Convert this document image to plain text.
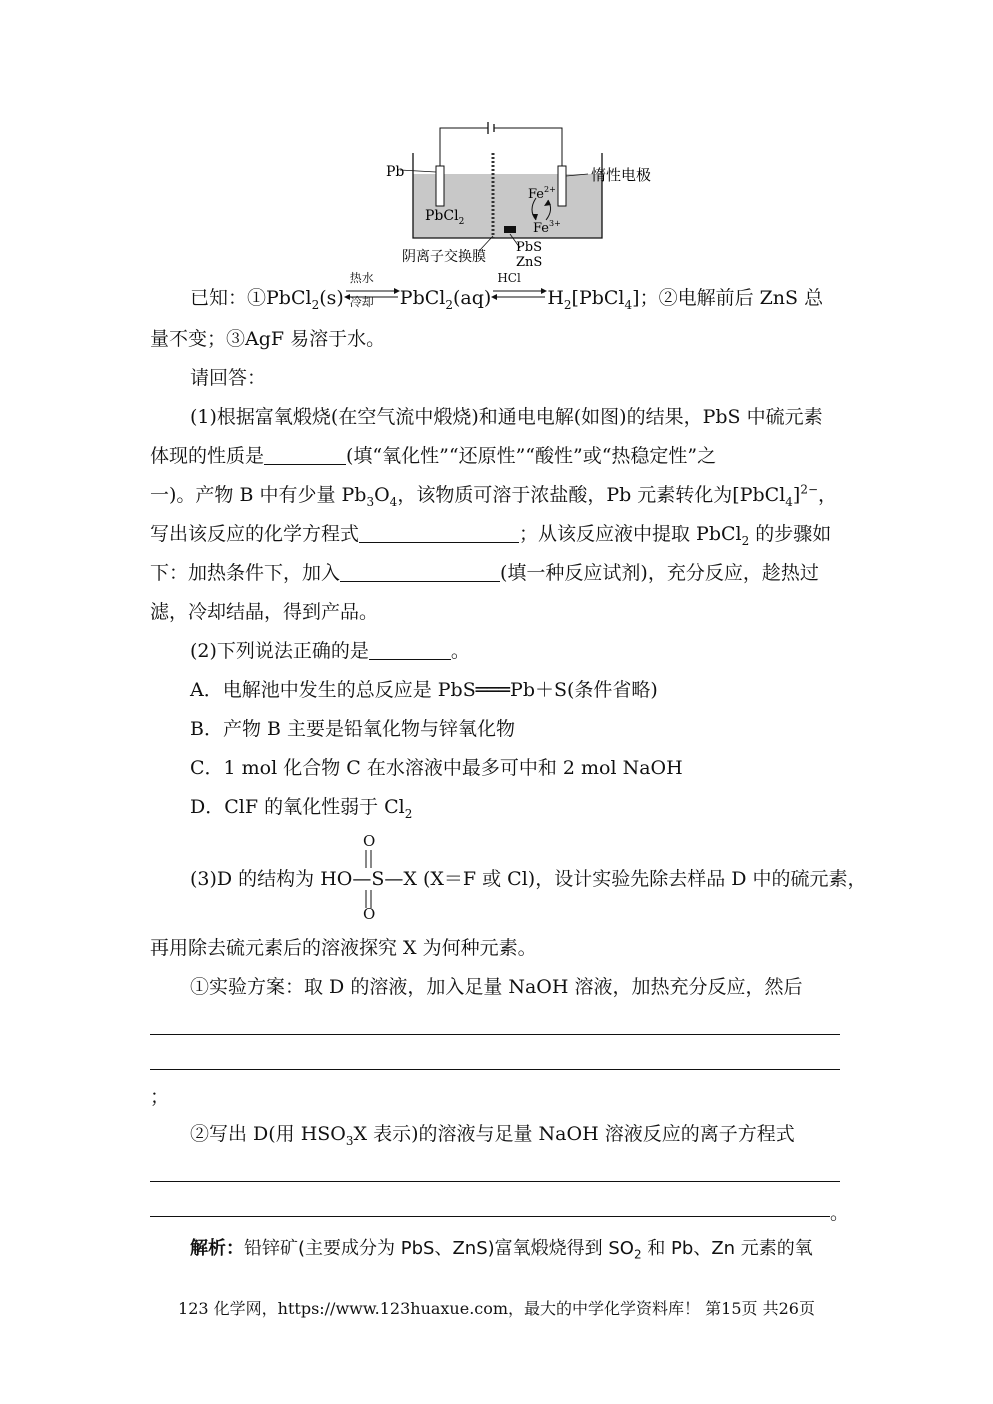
Pb	惰性电极
PbCl$_2$
$Fe^{2+}$
$Fe^{3+}$
阴离子交换膜
PbS
ZnS
已知：①PbCl$_2$(s)
热水
冷却 PbCl$_2$(aq)
HCl
$H_2[PbCl_4]$；②电解前后 ZnS 总
量不变；③AgF 易溶于水。
请回答：
(1)根据富氧煅烧(在空气流中煅烧)和通电电解(如图)的结果，PbS 中硫元素
体现的性质是	(填“氧化性”“还原性”“酸性”或“热稳定性”之
一)。产物 B 中有少量 $Pb_3O_4$，该物质可溶于浓盐酸，Pb 元素转化为[PbCl$_4$]$^{2-}$，
写出该反应的化学方程式	；从该反应液中提取 PbCl$_2$ 的步骤如
下：加热条件下，加入	(填一种反应试剂)，充分反应，趁热过
滤，冷却结晶，得到产品。
(2)下列说法正确的是	。
A．电解池中发生的总反应是 PbS═══Pb＋S(条件省略)
B．产物 B 主要是铅氧化物与锌氧化物
C．1 mol 化合物 C 在水溶液中最多可中和 2 mol NaOH
D．ClF 的氧化性弱于 $Cl_2$
O
O
(3)D 的结构为 HO—S—X (X＝F 或 Cl)，设计实验先除去样品 D 中的硫元素，
再用除去硫元素后的溶液探究 X 为何种元素。
①实验方案：取 D 的溶液，加入足量 NaOH 溶液，加热充分反应，然后
；
②写出 D(用 $HSO_3X$ 表示)的溶液与足量 NaOH 溶液反应的离子方程式
。
解析：铅锌矿(主要成分为 PbS、ZnS)富氧煅烧得到 $SO_2$ 和 Pb、Zn 元素的氧
123 化学网，https://www.123huaxue.com，最大的中学化学资料库！ 第15页 共26页
